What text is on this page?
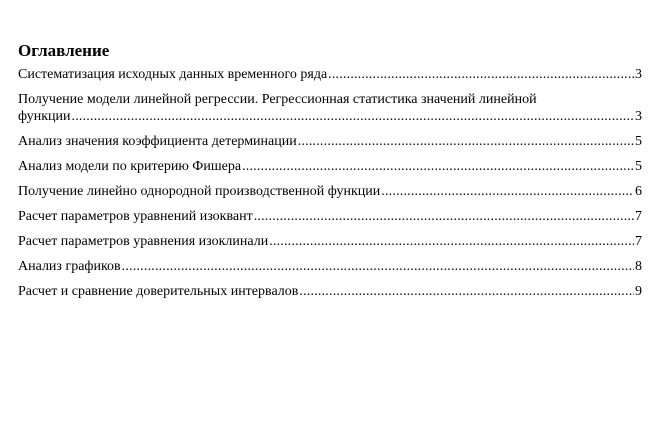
Оглавление
Систематизация исходных данных временного ряда .....	3
Получение модели линейной регрессии. Регрессионная статистика значений линейной
функции .....	3
Анализ значения коэффициента детерминации .....	5
Анализ модели по критерию Фишера .....	5
Получение линейно однородной производственной функции .....	6
Расчет параметров уравнений изоквант .....	7
Расчет параметров уравнения изоклинали .....	7
Анализ графиков .....	8
Расчет и сравнение доверительных интервалов .....	9
